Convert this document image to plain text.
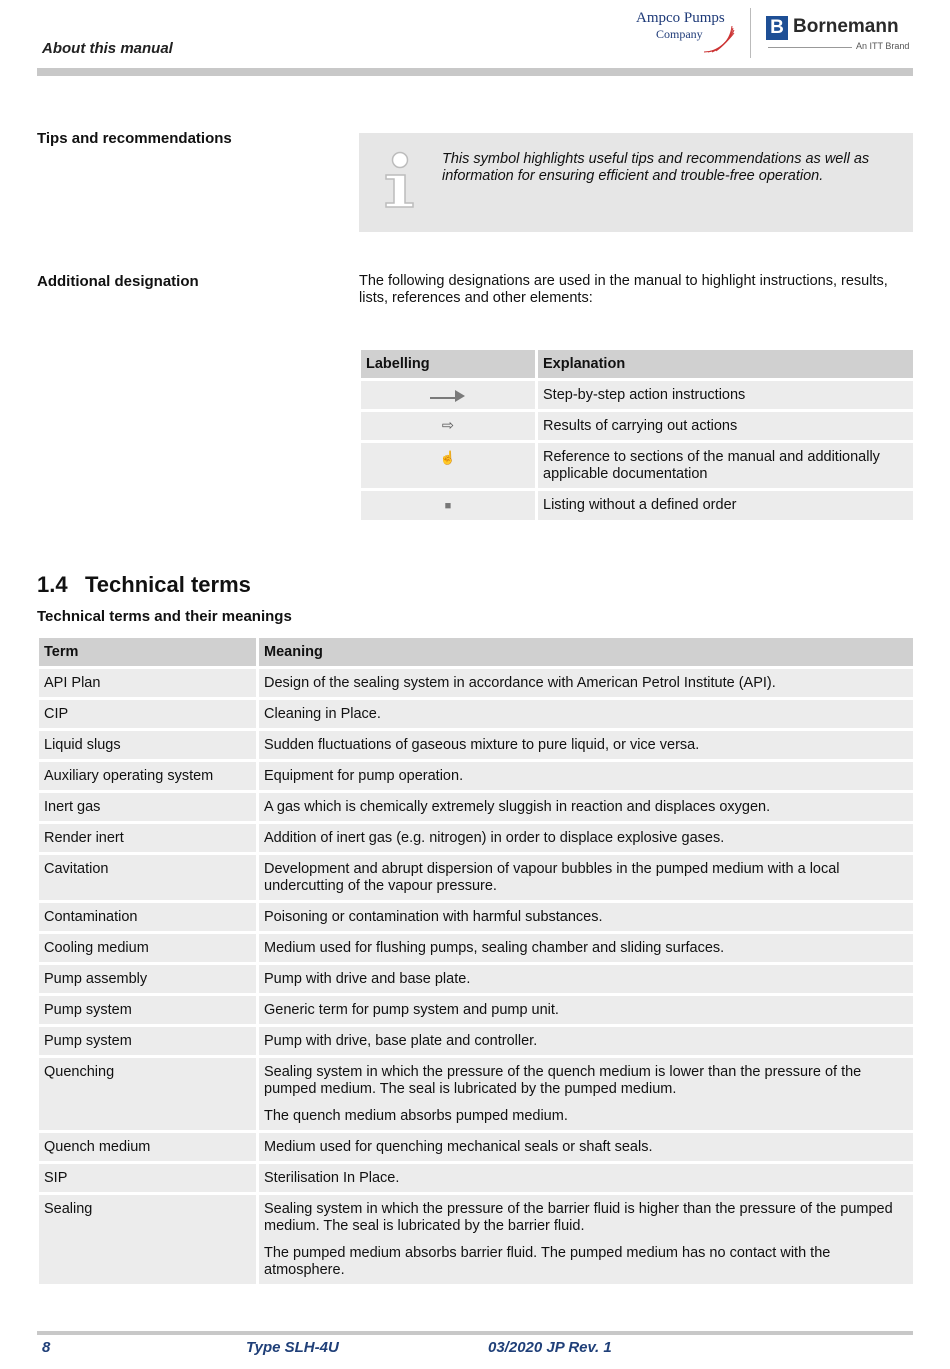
About this manual
Ampco Pumps
Company	B Bornemann
An ITT Brand
Tips and recommendations
This symbol highlights useful tips and recommendations as well as information for ensuring efficient and trouble-free operation.
Additional designation	The following designations are used in the manual to highlight instructions, results, lists, references and other elements:
Labelling	Explanation
	Step-by-step action instructions
⇨	Results of carrying out actions
☝	Reference to sections of the manual and additionally applicable documentation
■	Listing without a defined order
1.4 Technical terms
Technical terms and their meanings
Term	Meaning
API Plan	Design of the sealing system in accordance with American Petrol Institute (API).
CIP	Cleaning in Place.
Liquid slugs	Sudden fluctuations of gaseous mixture to pure liquid, or vice versa.
Auxiliary operating system	Equipment for pump operation.
Inert gas	A gas which is chemically extremely sluggish in reaction and displaces oxygen.
Render inert	Addition of inert gas (e.g. nitrogen) in order to displace explosive gases.
Cavitation	Development and abrupt dispersion of vapour bubbles in the pumped medium with a local undercutting of the vapour pressure.
Contamination	Poisoning or contamination with harmful substances.
Cooling medium	Medium used for flushing pumps, sealing chamber and sliding surfaces.
Pump assembly	Pump with drive and base plate.
Pump system	Generic term for pump system and pump unit.
Pump system	Pump with drive, base plate and controller.
Quenching	Sealing system in which the pressure of the quench medium is lower than the pressure of the pumped medium. The seal is lubricated by the pumped medium.
The quench medium absorbs pumped medium.

Quench medium	Medium used for quenching mechanical seals or shaft seals.
SIP	Sterilisation In Place.
Sealing	Sealing system in which the pressure of the barrier fluid is higher than the pressure of the pumped medium. The seal is lubricated by the barrier fluid.
The pumped medium absorbs barrier fluid. The pumped medium has no contact with the atmosphere.
8	Type SLH-4U	03/2020 JP Rev. 1
